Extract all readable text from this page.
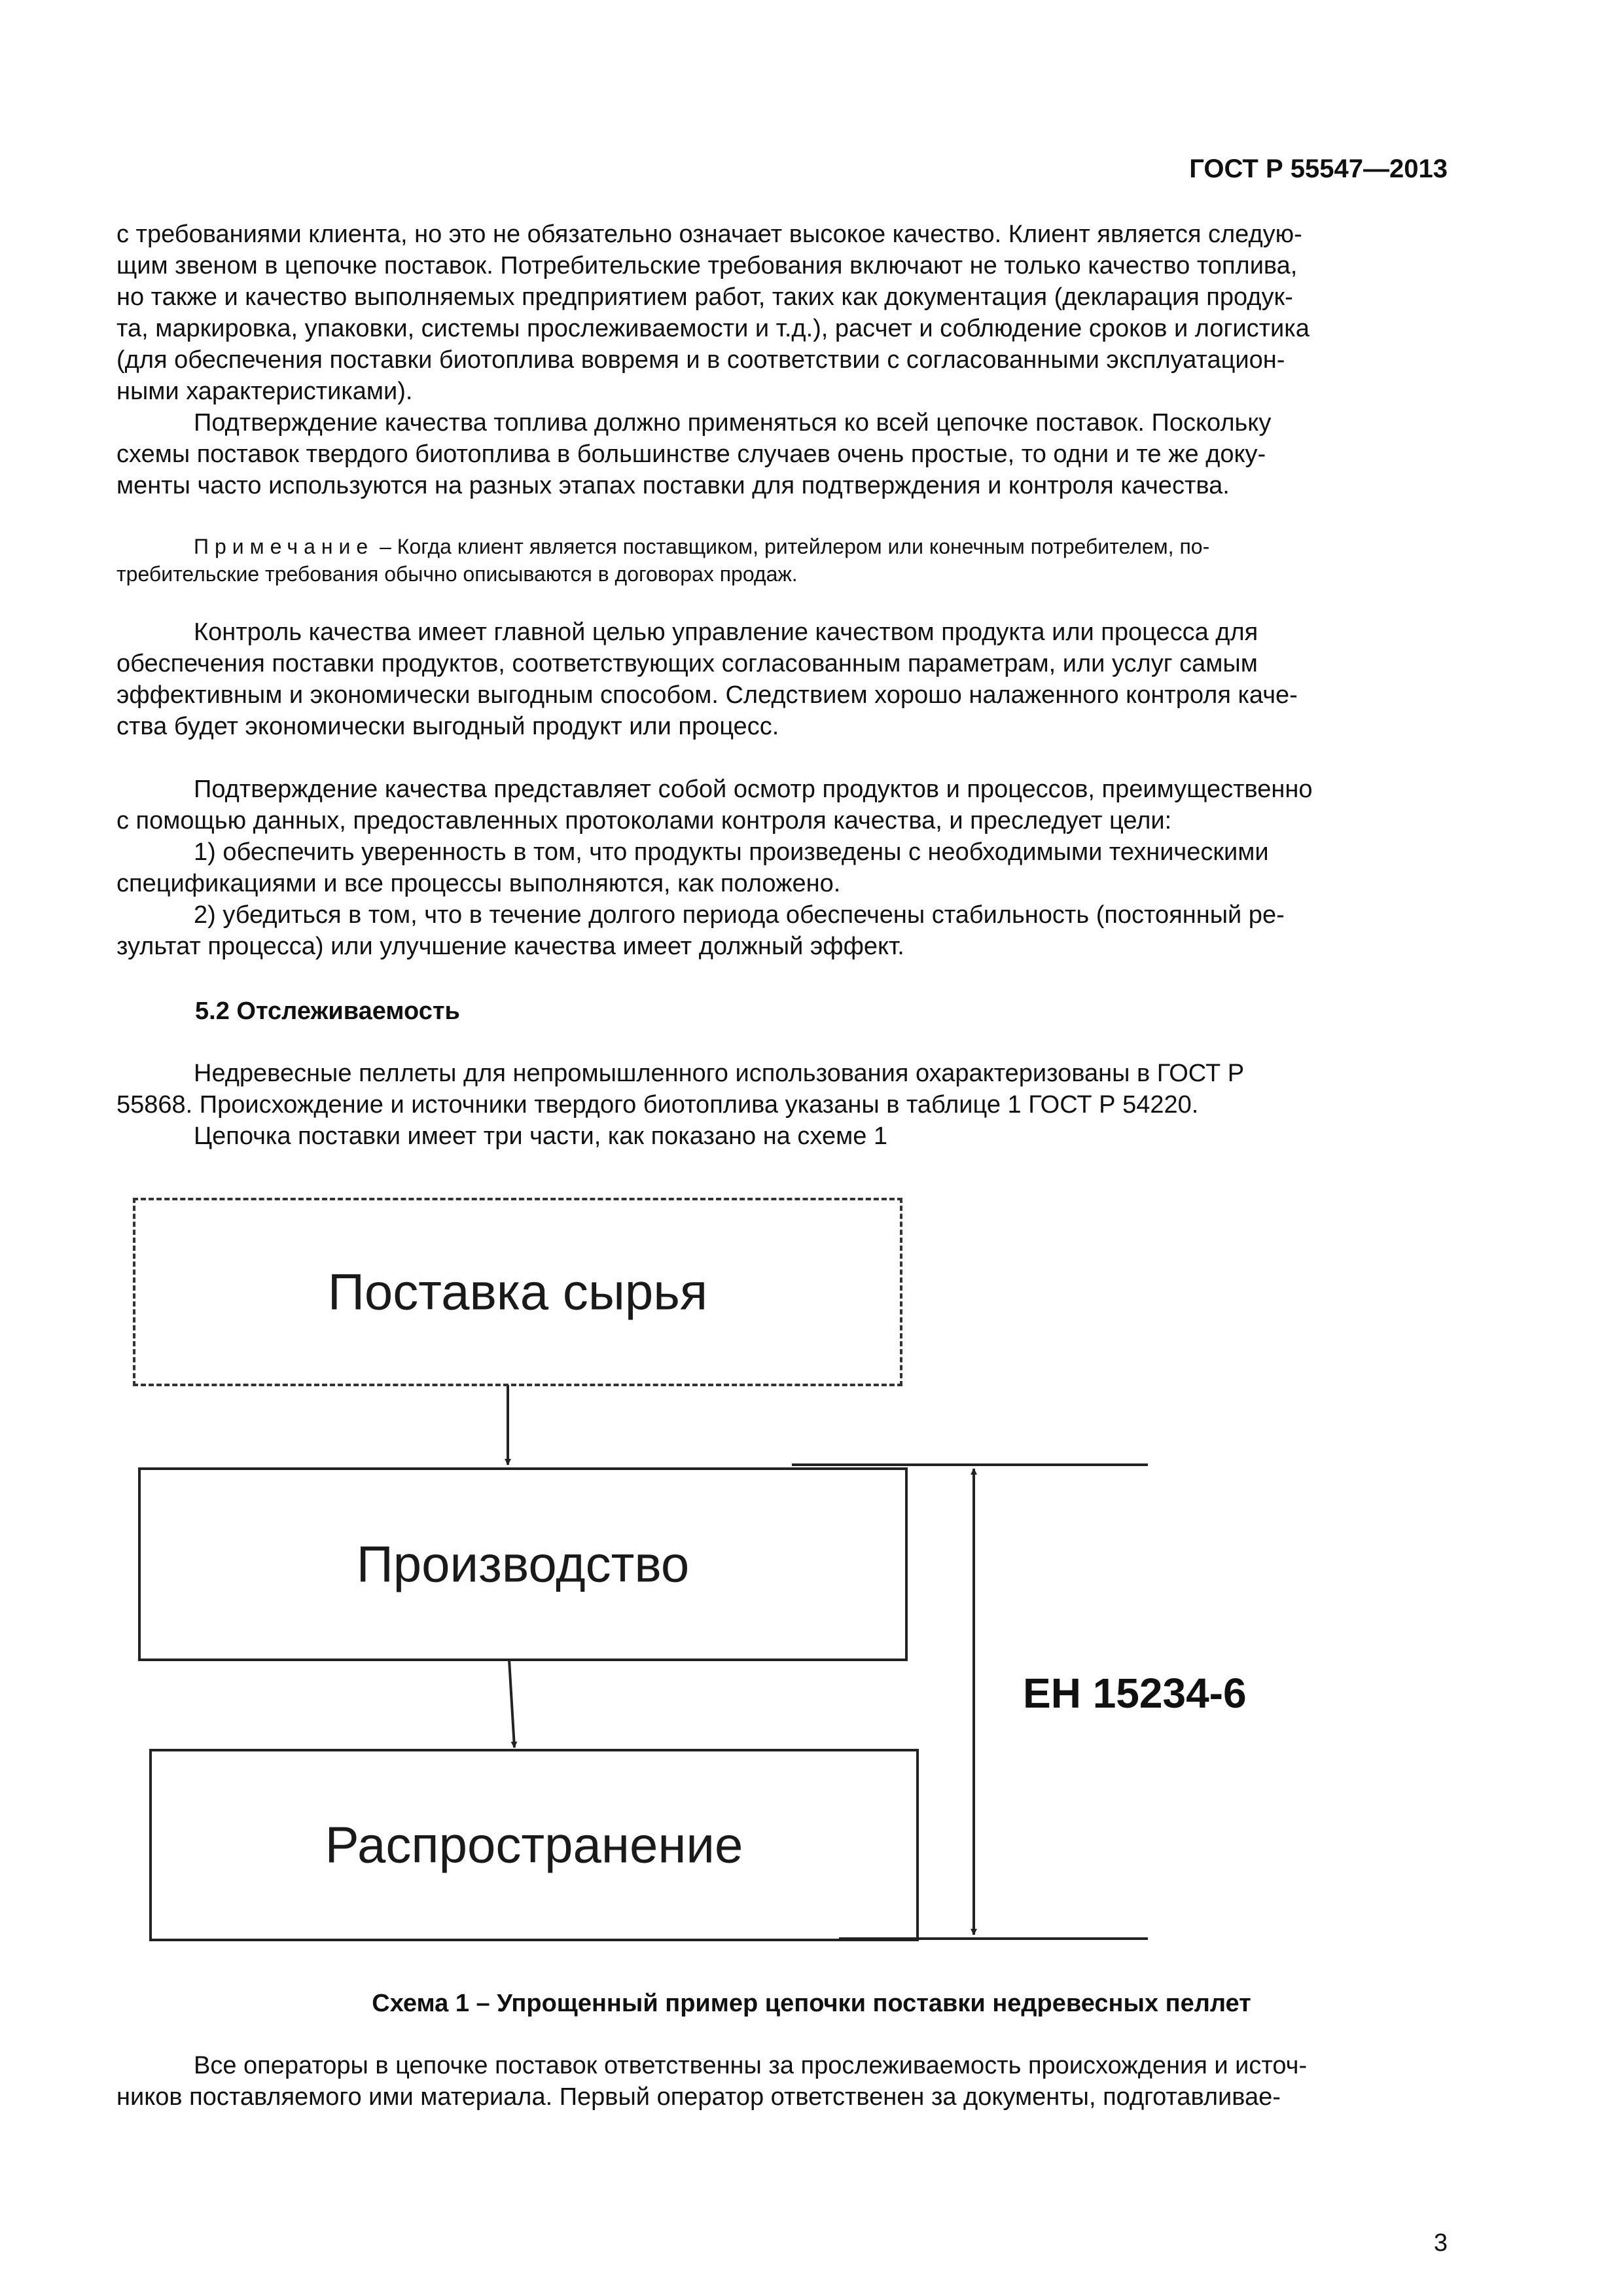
ГОСТ Р 55547—2013

с требованиями клиента, но это не обязательно означает высокое качество. Клиент является следую-
щим звеном в цепочке поставок. Потребительские требования включают не только качество топлива,
но также и качество выполняемых предприятием работ, таких как документация (декларация продук-
та, маркировка, упаковки, системы прослеживаемости и т.д.), расчет и соблюдение сроков и логистика
(для обеспечения поставки биотоплива вовремя и в соответствии с согласованными эксплуатацион-
ными характеристиками).

Подтверждение качества топлива должно применяться ко всей цепочке поставок. Поскольку
схемы поставок твердого биотоплива в большинстве случаев очень простые, то одни и те же доку-
менты часто используются на разных этапах поставки для подтверждения и контроля качества.

Примечание – Когда клиент является поставщиком, ритейлером или конечным потребителем, по-
требительские требования обычно описываются в договорах продаж.

Контроль качества имеет главной целью управление качеством продукта или процесса для
обеспечения поставки продуктов, соответствующих согласованным параметрам, или услуг самым
эффективным и экономически выгодным способом. Следствием хорошо налаженного контроля каче-
ства будет экономически выгодный продукт или процесс.

Подтверждение качества представляет собой осмотр продуктов и процессов, преимущественно
с помощью данных, предоставленных протоколами контроля качества, и преследует цели:

1) обеспечить уверенность в том, что продукты произведены с необходимыми техническими
спецификациями и все процессы выполняются, как положено.

2) убедиться в том, что в течение долгого периода обеспечены стабильность (постоянный ре-
зультат процесса) или улучшение качества имеет должный эффект.

5.2 Отслеживаемость

Недревесные пеллеты для непромышленного использования охарактеризованы в ГОСТ Р
55868. Происхождение и источники твердого биотоплива указаны в таблице 1 ГОСТ Р 54220.

Цепочка поставки имеет три части, как показано на схеме 1

Поставка сырья
Производство
Распространение
ЕН 15234-6
Схема 1 – Упрощенный пример цепочки поставки недревесных пеллет

Все операторы в цепочке поставок ответственны за прослеживаемость происхождения и источ-
ников поставляемого ими материала. Первый оператор ответственен за документы, подготавливае-

3
